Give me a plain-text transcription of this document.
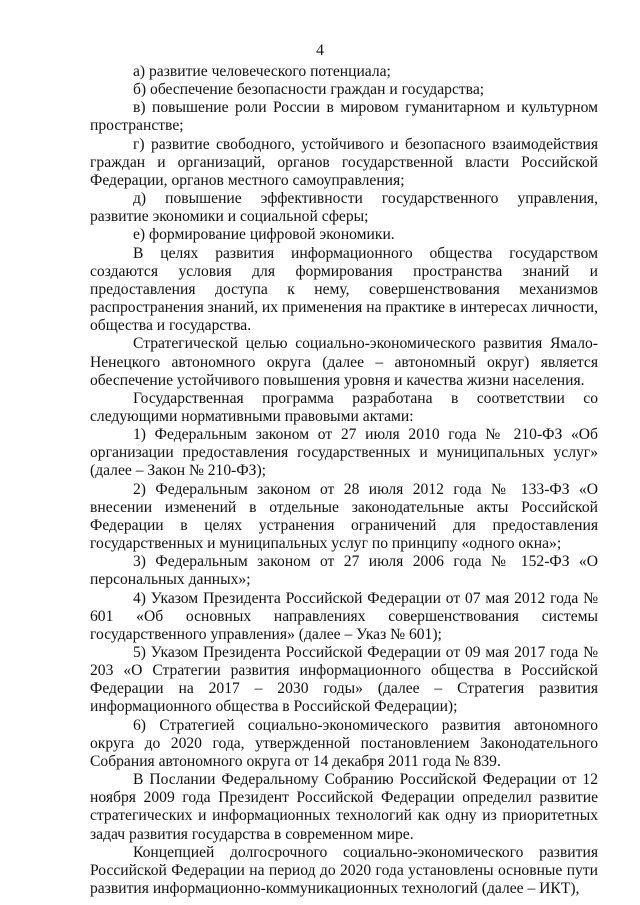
4

а) развитие человеческого потенциала;

б) обеспечение безопасности граждан и государства;

в) повышение роли России в мировом гуманитарном и культурном пространстве;

г) развитие свободного, устойчивого и безопасного взаимодействия граждан и организаций, органов государственной власти Российской Федерации, органов местного самоуправления;

д) повышение эффективности государственного управления, развитие экономики и социальной сферы;

е) формирование цифровой экономики.

В целях развития информационного общества государством создаются условия для формирования пространства знаний и предоставления доступа к нему, совершенствования механизмов распространения знаний, их применения на практике в интересах личности, общества и государства.

Стратегической целью социально-экономического развития Ямало-Ненецкого автономного округа (далее – автономный округ) является обеспечение устойчивого повышения уровня и качества жизни населения.

Государственная программа разработана в соответствии со следующими нормативными правовыми актами:

1) Федеральным законом от 27 июля 2010 года № 210-ФЗ «Об организации предоставления государственных и муниципальных услуг» (далее – Закон № 210-ФЗ);

2) Федеральным законом от 28 июля 2012 года № 133-ФЗ «О внесении изменений в отдельные законодательные акты Российской Федерации в целях устранения ограничений для предоставления государственных и муниципальных услуг по принципу «одного окна»;

3) Федеральным законом от 27 июля 2006 года № 152-ФЗ «О персональных данных»;

4) Указом Президента Российской Федерации от 07 мая 2012 года № 601 «Об основных направлениях совершенствования системы государственного управления» (далее – Указ № 601);

5) Указом Президента Российской Федерации от 09 мая 2017 года № 203 «О Стратегии развития информационного общества в Российской Федерации на 2017 – 2030 годы» (далее – Стратегия развития информационного общества в Российской Федерации);

6) Стратегией социально-экономического развития автономного округа до 2020 года, утвержденной постановлением Законодательного Собрания автономного округа от 14 декабря 2011 года № 839.

В Послании Федеральному Собранию Российской Федерации от 12 ноября 2009 года Президент Российской Федерации определил развитие стратегических и информационных технологий как одну из приоритетных задач развития государства в современном мире.

Концепцией долгосрочного социально-экономического развития Российской Федерации на период до 2020 года установлены основные пути развития информационно-коммуникационных технологий (далее – ИКТ),
